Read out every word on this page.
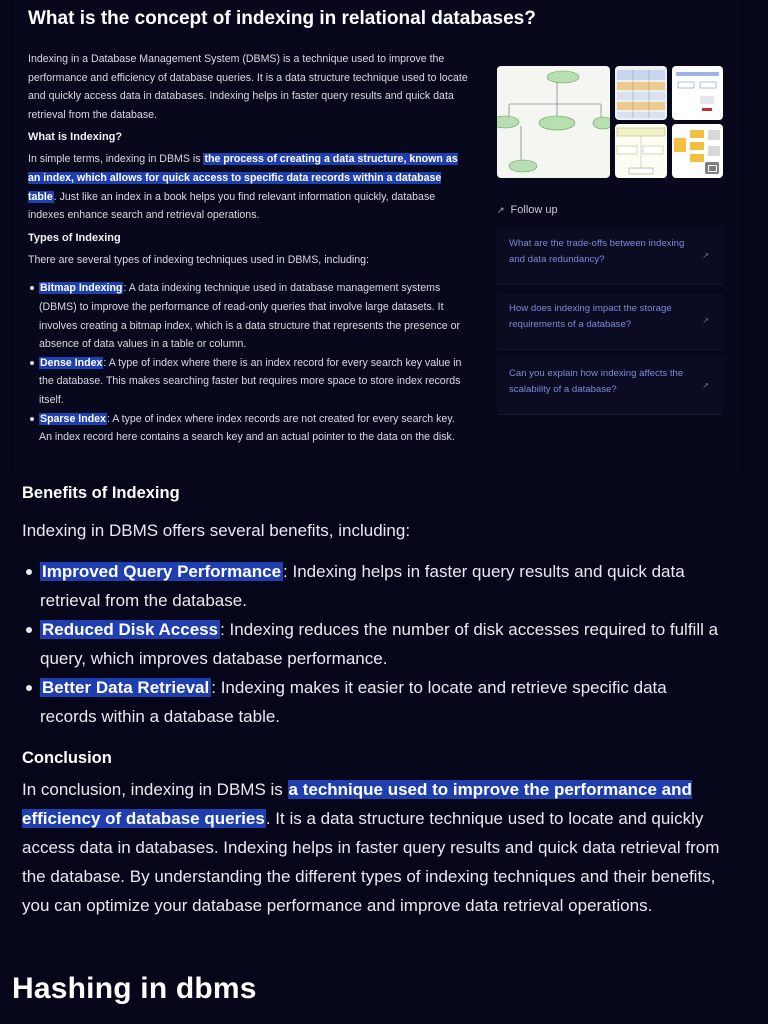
What is the concept of indexing in relational databases?

Indexing in a Database Management System (DBMS) is a technique used to improve the performance and efficiency of database queries. It is a data structure technique used to locate and quickly access data in databases. Indexing helps in faster query results and quick data retrieval from the database.

What is Indexing?

In simple terms, indexing in DBMS is the process of creating a data structure, known as an index, which allows for quick access to specific data records within a database table. Just like an index in a book helps you find relevant information quickly, database indexes enhance search and retrieval operations.

Types of Indexing

There are several types of indexing techniques used in DBMS, including:

Bitmap Indexing: A data indexing technique used in database management systems (DBMS) to improve the performance of read-only queries that involve large datasets. It involves creating a bitmap index, which is a data structure that represents the presence or absence of data values in a table or column.
Dense Index: A type of index where there is an index record for every search key value in the database. This makes searching faster but requires more space to store index records itself.
Sparse Index: A type of index where index records are not created for every search key. An index record here contains a search key and an actual pointer to the data on the disk.
↗ Follow up
What are the trade-offs between indexing and data redundancy?	↗
How does indexing impact the storage requirements of a database?	↗
Can you explain how indexing affects the scalability of a database?	↗
Benefits of Indexing

Indexing in DBMS offers several benefits, including:

Improved Query Performance : Indexing helps in faster query results and quick data retrieval from the database.
Reduced Disk Access : Indexing reduces the number of disk accesses required to fulfill a query, which improves database performance.
Better Data Retrieval : Indexing makes it easier to locate and retrieve specific data records within a database table.
Conclusion

In conclusion, indexing in DBMS is a technique used to improve the performance and efficiency of database queries. It is a data structure technique used to locate and quickly access data in databases. Indexing helps in faster query results and quick data retrieval from the database. By understanding the different types of indexing techniques and their benefits, you can optimize your database performance and improve data retrieval operations.

Hashing in dbms
